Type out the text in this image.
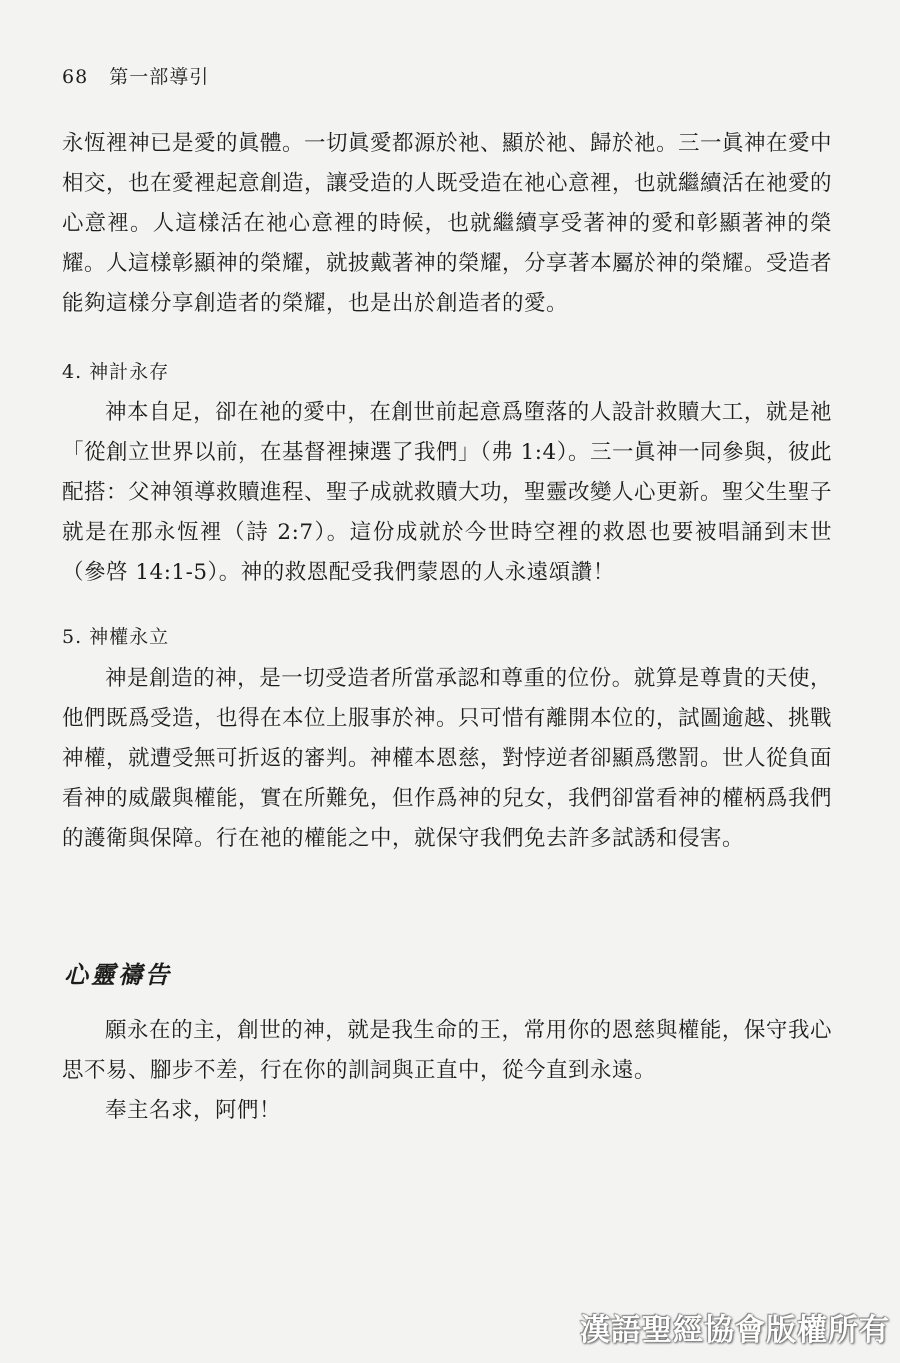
68 第一部導引

永恆裡神已是愛的眞體。一切眞愛都源於祂、顯於祂、歸於祂。三一眞神在愛中相交，也在愛裡起意創造，讓受造的人既受造在祂心意裡，也就繼續活在祂愛的心意裡。人這樣活在祂心意裡的時候，也就繼續享受著神的愛和彰顯著神的榮耀。人這樣彰顯神的榮耀，就披戴著神的榮耀，分享著本屬於神的榮耀。受造者能夠這樣分享創造者的榮耀，也是出於創造者的愛。

4. 神計永存

神本自足，卻在祂的愛中，在創世前起意爲墮落的人設計救贖大工，就是祂「從創立世界以前，在基督裡揀選了我們」（弗 1:4）。三一眞神一同參與，彼此配搭：父神領導救贖進程、聖子成就救贖大功，聖靈改變人心更新。聖父生聖子就是在那永恆裡（詩 2:7）。這份成就於今世時空裡的救恩也要被唱誦到末世（參啓 14:1-5）。神的救恩配受我們蒙恩的人永遠頌讚！

5. 神權永立

神是創造的神，是一切受造者所當承認和尊重的位份。就算是尊貴的天使，他們既爲受造，也得在本位上服事於神。只可惜有離開本位的，試圖逾越、挑戰神權，就遭受無可折返的審判。神權本恩慈，對悖逆者卻顯爲懲罰。世人從負面看神的威嚴與權能，實在所難免，但作爲神的兒女，我們卻當看神的權柄爲我們的護衛與保障。行在祂的權能之中，就保守我們免去許多試誘和侵害。

心靈禱告

願永在的主，創世的神，就是我生命的王，常用你的恩慈與權能，保守我心思不易、腳步不差，行在你的訓詞與正直中，從今直到永遠。

奉主名求，阿們！

漢語聖經協會版權所有
